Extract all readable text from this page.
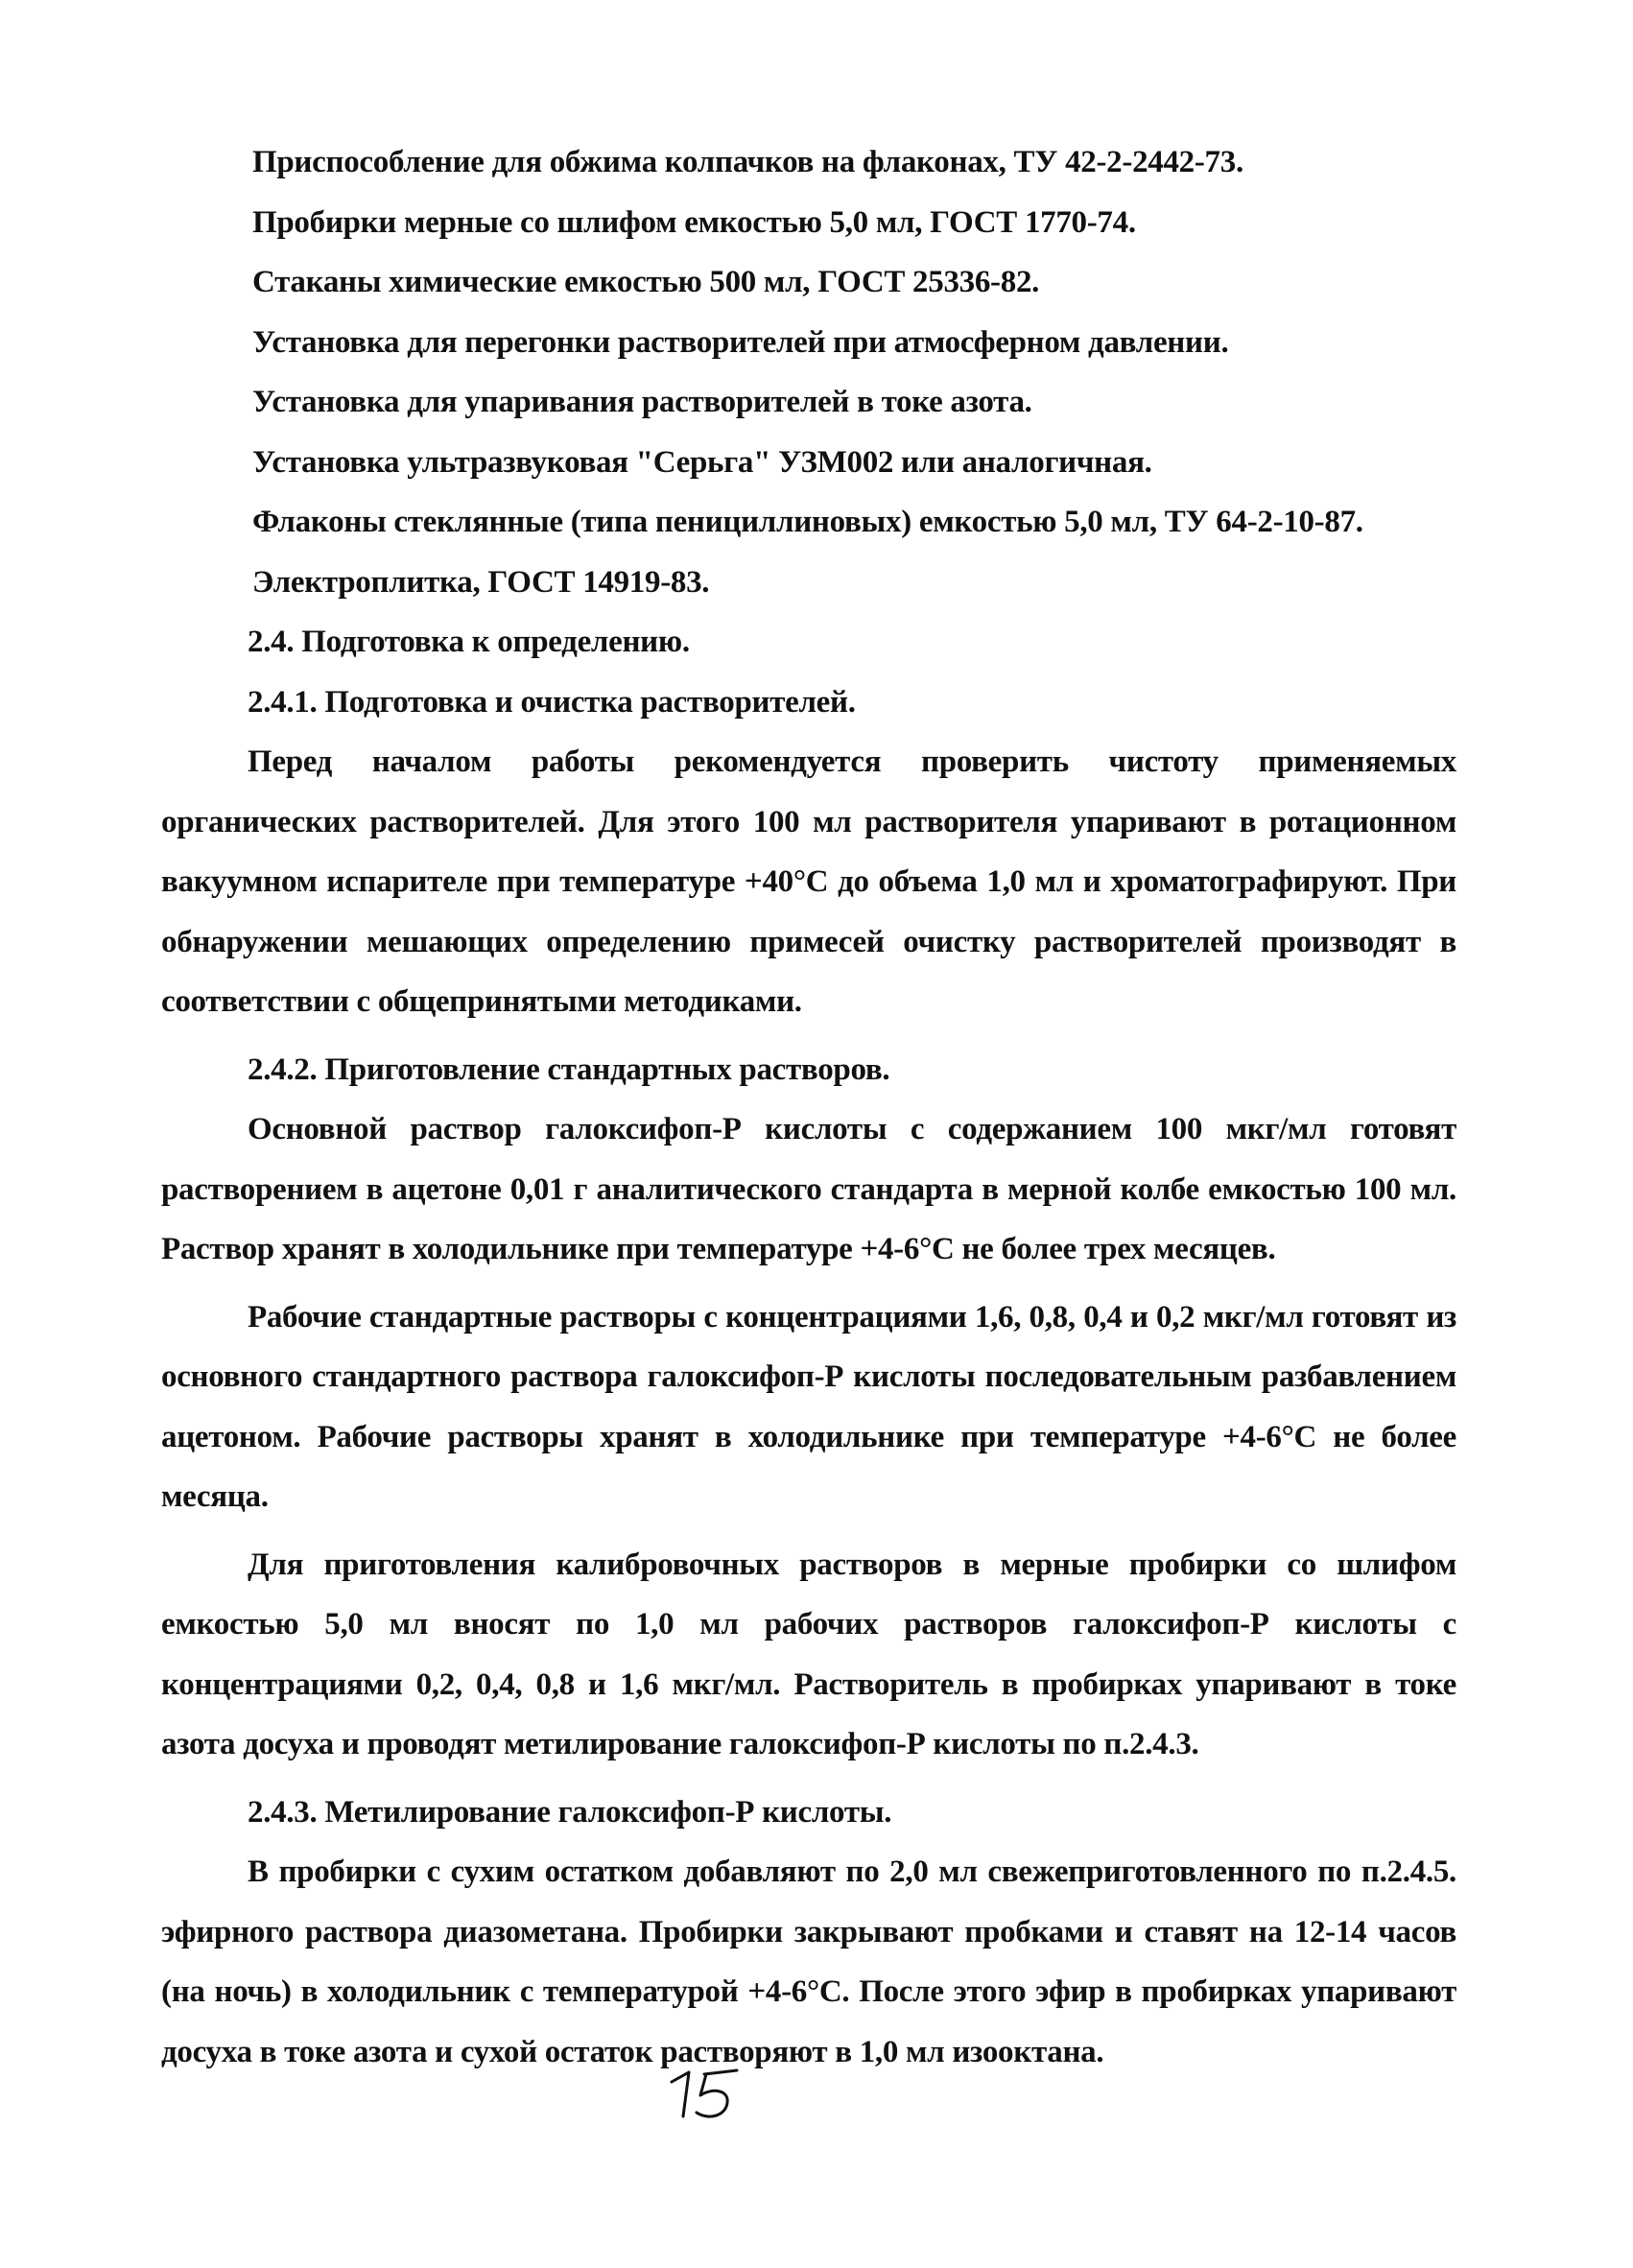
Приспособление для обжима колпачков на флаконах, ТУ 42-2-2442-73.

Пробирки мерные со шлифом емкостью 5,0 мл, ГОСТ 1770-74.

Стаканы химические емкостью 500 мл, ГОСТ 25336-82.

Установка для перегонки растворителей при атмосферном давлении.

Установка для упаривания растворителей в токе азота.

Установка ультразвуковая "Серьга" УЗМ002 или аналогичная.

Флаконы стеклянные (типа пенициллиновых) емкостью 5,0 мл, ТУ 64-2-10-87.

Электроплитка, ГОСТ 14919-83.

2.4. Подготовка к определению.

2.4.1. Подготовка и очистка растворителей.

Перед началом работы рекомендуется проверить чистоту применяемых органических растворителей. Для этого 100 мл растворителя упаривают в ротационном вакуумном испарителе при температуре +40°С до объема 1,0 мл и хроматографируют. При обнаружении мешающих определению примесей очистку растворителей производят в соответствии с общепринятыми методиками.

2.4.2. Приготовление стандартных растворов.

Основной раствор галоксифоп-Р кислоты с содержанием 100 мкг/мл готовят растворением в ацетоне 0,01 г аналитического стандарта в мерной колбе емкостью 100 мл. Раствор хранят в холодильнике при температуре +4-6°С не более трех месяцев.

Рабочие стандартные растворы с концентрациями 1,6, 0,8, 0,4 и 0,2 мкг/мл готовят из основного стандартного раствора галоксифоп-Р кислоты последовательным разбавлением ацетоном. Рабочие растворы хранят в холодильнике при температуре +4-6°С не более месяца.

Для приготовления калибровочных растворов в мерные пробирки со шлифом емкостью 5,0 мл вносят по 1,0 мл рабочих растворов галоксифоп-Р кислоты с концентрациями 0,2, 0,4, 0,8 и 1,6 мкг/мл. Растворитель в пробирках упаривают в токе азота досуха и проводят метилирование галоксифоп-Р кислоты по п.2.4.3.

2.4.3. Метилирование галоксифоп-Р кислоты.

В пробирки с сухим остатком добавляют по 2,0 мл свежеприготовленного по п.2.4.5. эфирного раствора диазометана. Пробирки закрывают пробками и ставят на 12-14 часов (на ночь) в холодильник с температурой +4-6°С. После этого эфир в пробирках упаривают досуха в токе азота и сухой остаток растворяют в 1,0 мл изооктана.
